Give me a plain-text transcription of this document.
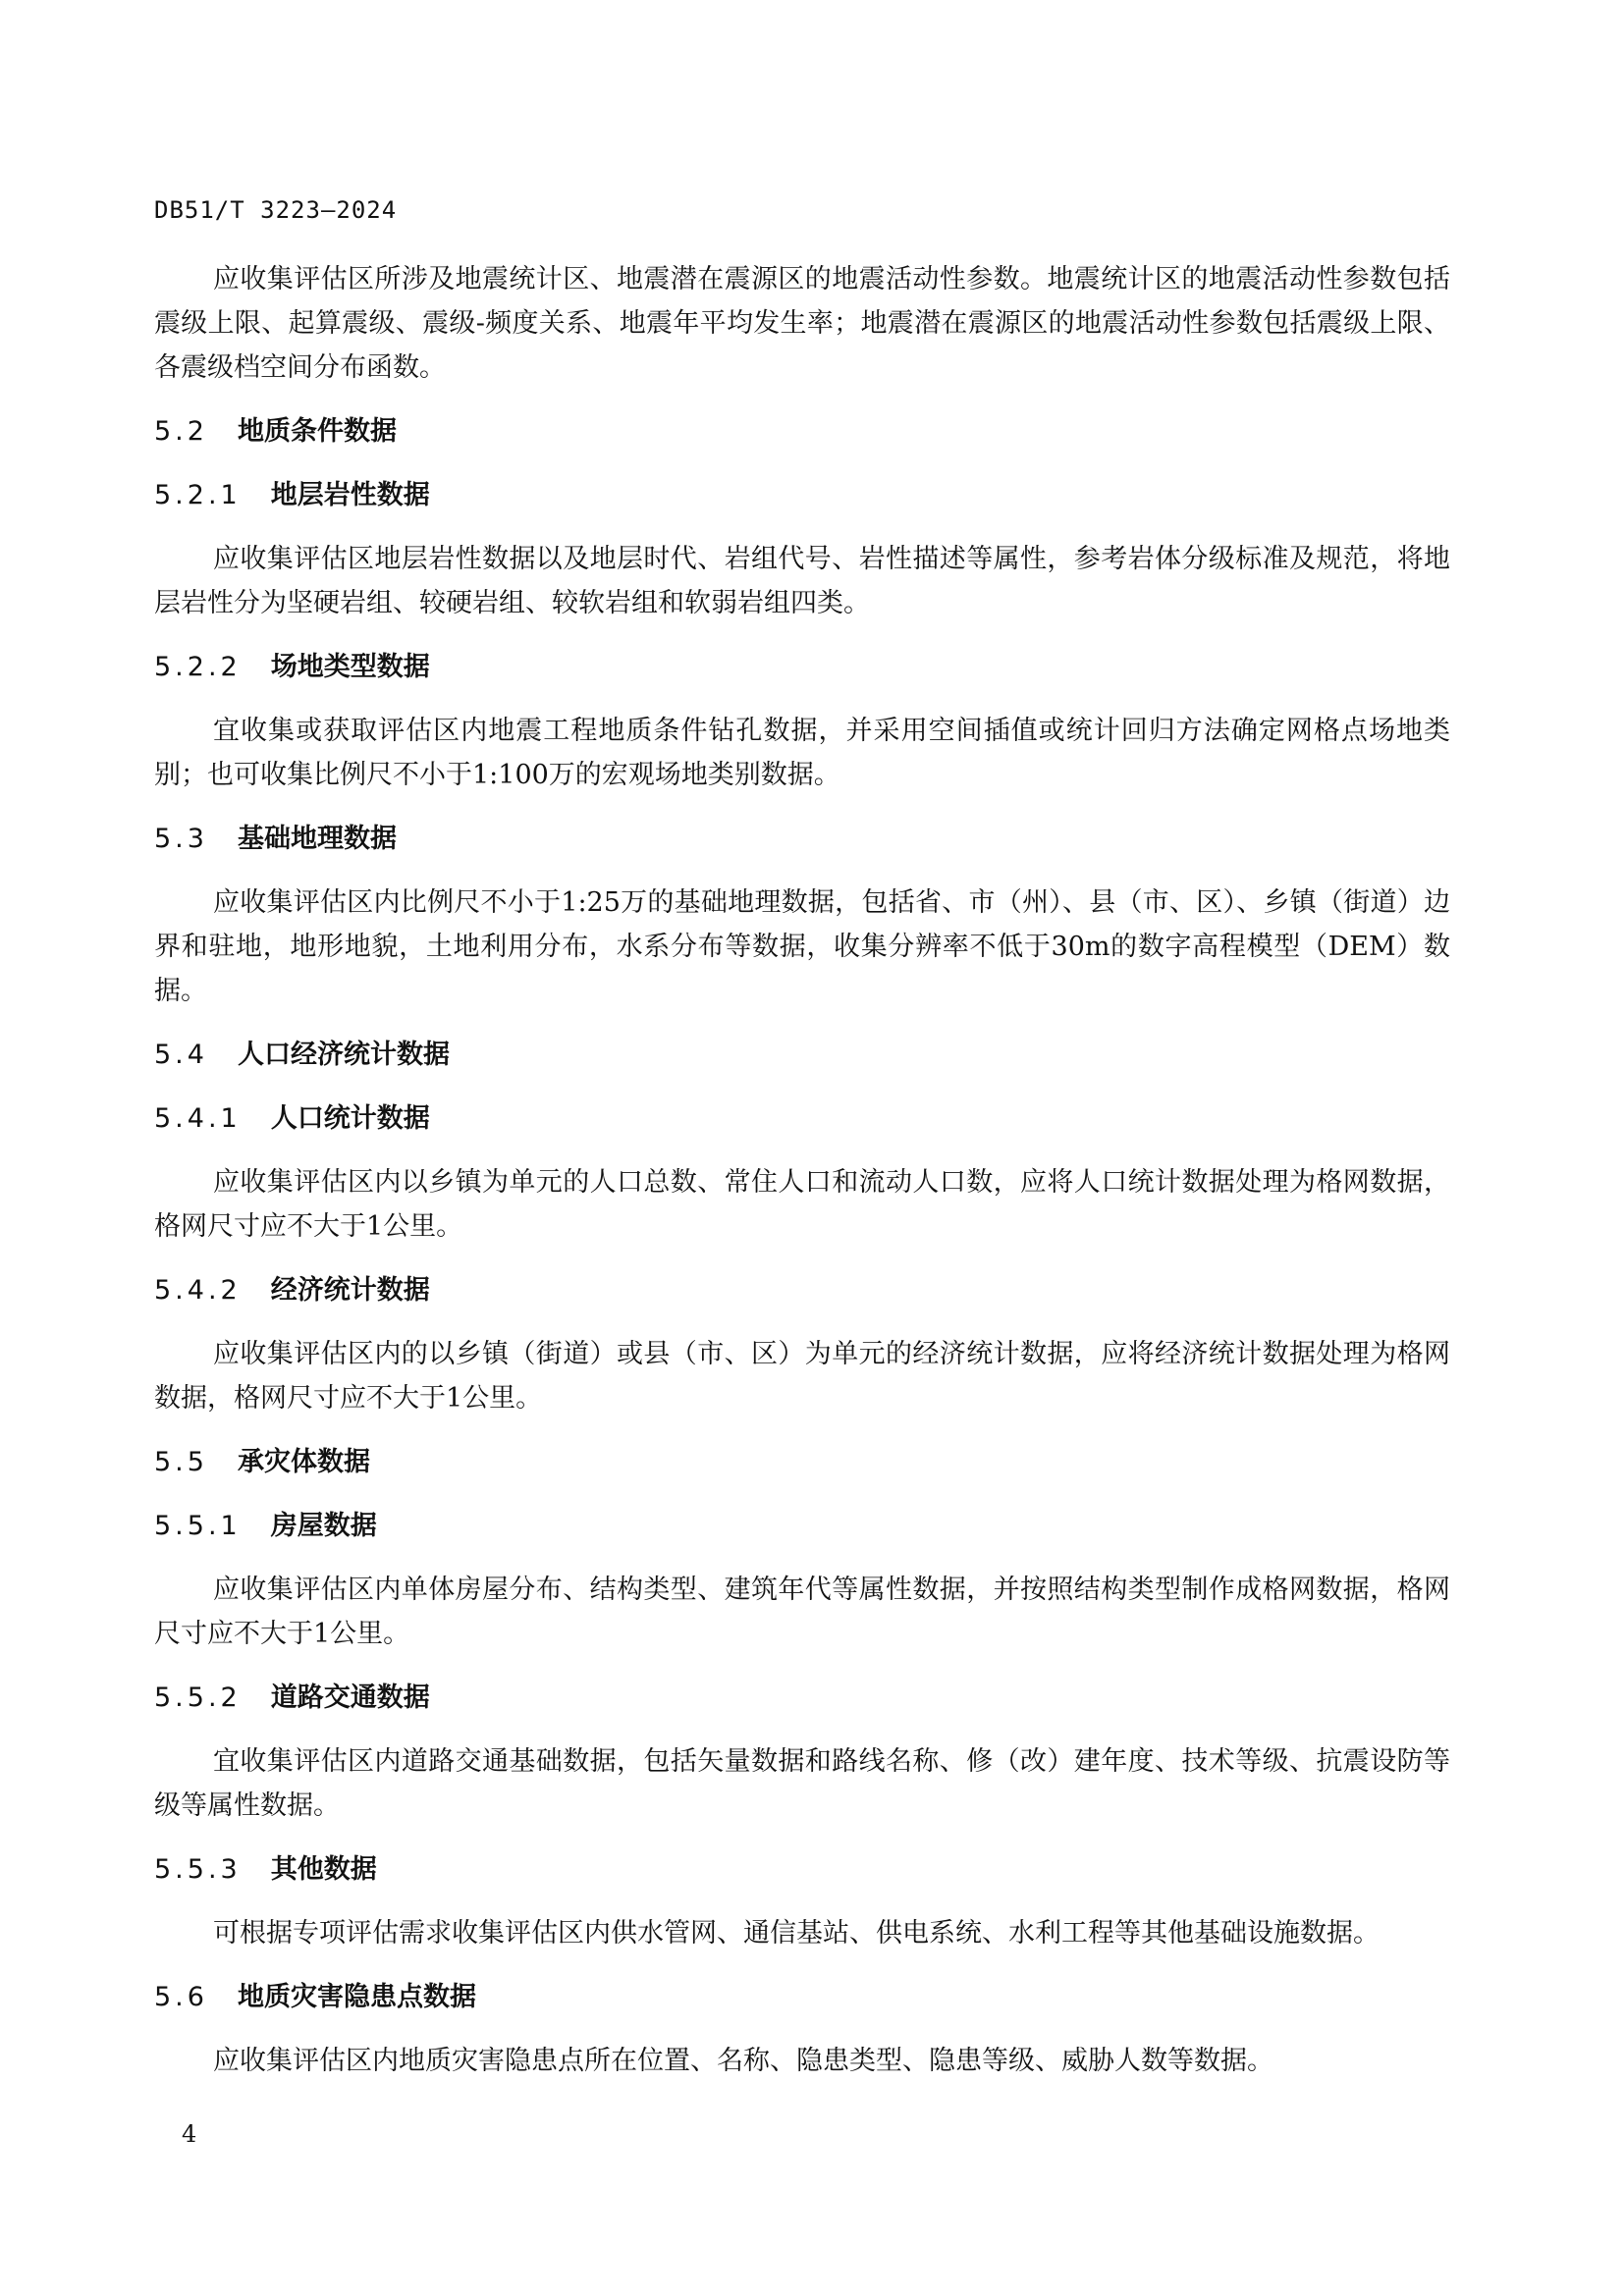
DB51/T 3223—2024

应收集评估区所涉及地震统计区、地震潜在震源区的地震活动性参数。地震统计区的地震活动性参数包括震级上限、起算震级、震级-频度关系、地震年平均发生率；地震潜在震源区的地震活动性参数包括震级上限、各震级档空间分布函数。

5.2 地质条件数据
5.2.1 地层岩性数据

应收集评估区地层岩性数据以及地层时代、岩组代号、岩性描述等属性，参考岩体分级标准及规范，将地层岩性分为坚硬岩组、较硬岩组、较软岩组和软弱岩组四类。

5.2.2 场地类型数据

宜收集或获取评估区内地震工程地质条件钻孔数据，并采用空间插值或统计回归方法确定网格点场地类别；也可收集比例尺不小于1:100万的宏观场地类别数据。

5.3 基础地理数据

应收集评估区内比例尺不小于1:25万的基础地理数据，包括省、市（州）、县（市、区）、乡镇（街道）边界和驻地，地形地貌，土地利用分布，水系分布等数据，收集分辨率不低于30m的数字高程模型（DEM）数据。

5.4 人口经济统计数据
5.4.1 人口统计数据

应收集评估区内以乡镇为单元的人口总数、常住人口和流动人口数，应将人口统计数据处理为格网数据，格网尺寸应不大于1公里。

5.4.2 经济统计数据

应收集评估区内的以乡镇（街道）或县（市、区）为单元的经济统计数据，应将经济统计数据处理为格网数据，格网尺寸应不大于1公里。

5.5 承灾体数据
5.5.1 房屋数据

应收集评估区内单体房屋分布、结构类型、建筑年代等属性数据，并按照结构类型制作成格网数据，格网尺寸应不大于1公里。

5.5.2 道路交通数据

宜收集评估区内道路交通基础数据，包括矢量数据和路线名称、修（改）建年度、技术等级、抗震设防等级等属性数据。

5.5.3 其他数据

可根据专项评估需求收集评估区内供水管网、通信基站、供电系统、水利工程等其他基础设施数据。

5.6 地质灾害隐患点数据

应收集评估区内地质灾害隐患点所在位置、名称、隐患类型、隐患等级、威胁人数等数据。

4
